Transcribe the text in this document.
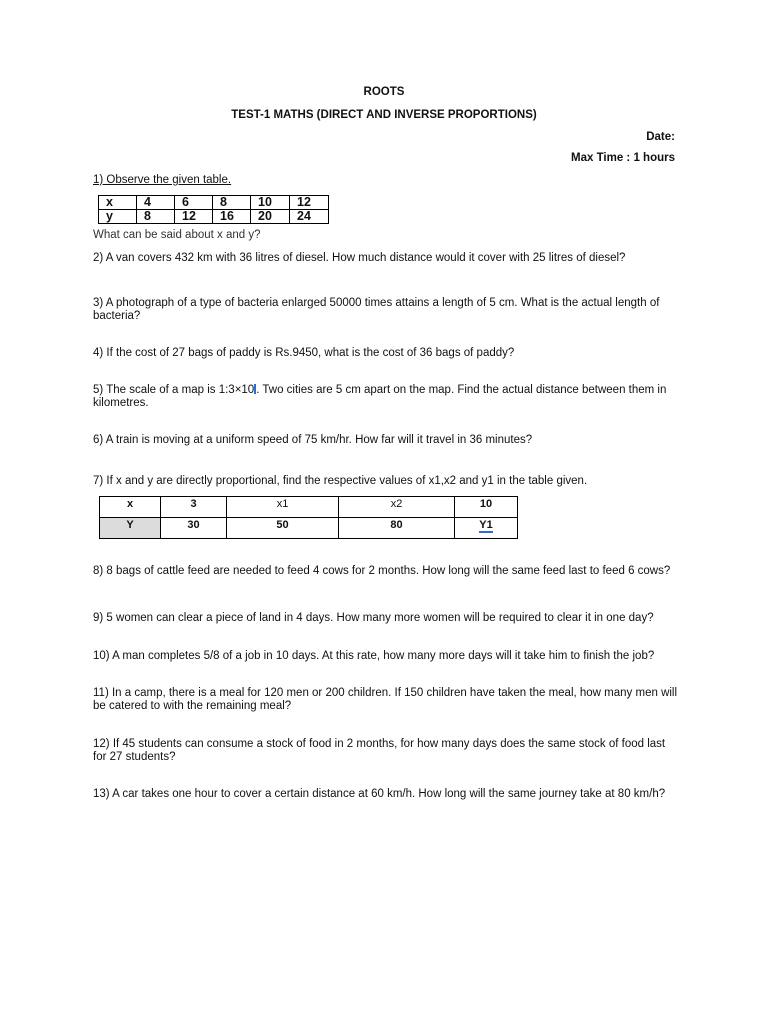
ROOTS
TEST-1 MATHS (DIRECT AND INVERSE PROPORTIONS)
Date:
Max Time : 1 hours
1) Observe the given table.
x	4	6	8	10	12
y	8	12	16	20	24
What can be said about x and y?
2) A van covers 432 km with 36 litres of diesel. How much distance would it cover with 25 litres of diesel?
3) A photograph of a type of bacteria enlarged 50000 times attains a length of 5 cm. What is the actual length of bacteria?
4) If the cost of 27 bags of paddy is Rs.9450, what is the cost of 36 bags of paddy?
5) The scale of a map is 1:3×10 . Two cities are 5 cm apart on the map. Find the actual distance between them in kilometres.
6) A train is moving at a uniform speed of 75 km/hr. How far will it travel in 36 minutes?
7) If x and y are directly proportional, find the respective values of x1,x2 and y1 in the table given.
x	3	x1	x2	10
Y	30	50	80	Y1
8) 8 bags of cattle feed are needed to feed 4 cows for 2 months. How long will the same feed last to feed 6 cows?
9) 5 women can clear a piece of land in 4 days. How many more women will be required to clear it in one day?
10) A man completes 5/8 of a job in 10 days. At this rate, how many more days will it take him to finish the job?
11) In a camp, there is a meal for 120 men or 200 children. If 150 children have taken the meal, how many men will be catered to with the remaining meal?
12) If 45 students can consume a stock of food in 2 months, for how many days does the same stock of food last for 27 students?
13) A car takes one hour to cover a certain distance at 60 km/h. How long will the same journey take at 80 km/h?
